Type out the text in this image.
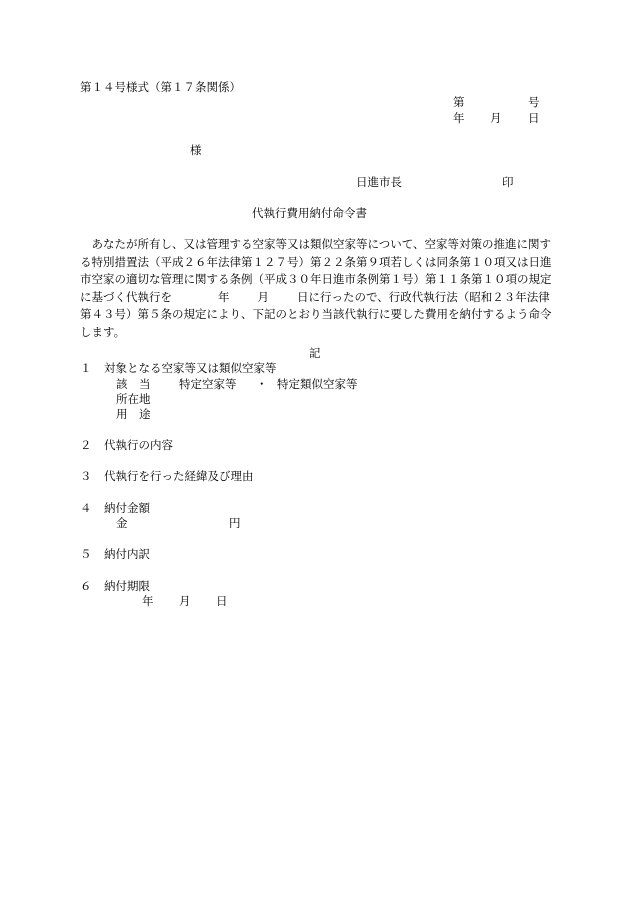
第１４号様式（第１７条関係）
第	号
年 月 日
様
日進市長	印
代執行費用納付命令書
あなたが所有し、又は管理する空家等又は類似空家等について、空家等対策の推進に関する特別措置法（平成２６年法律第１２７号）第２２条第９項若しくは同条第１０項又は日進市空家の適切な管理に関する条例（平成３０年日進市条例第１号）第１１条第１０項の規定に基づく代執行を	年 月 日に行ったので、行政代執行法（昭和２３年法律第４３号）第５条の規定により、下記のとおり当該代執行に要した費用を納付するよう命令します。
記
１ 対象となる空家等又は類似空家等
該　当 特定空家等 ・ 特定類似空家等
所在地
用　途
２ 代執行の内容
３ 代執行を行った経緯及び理由
４ 納付金額
金	円
５ 納付内訳
６ 納付期限
年 月 日
